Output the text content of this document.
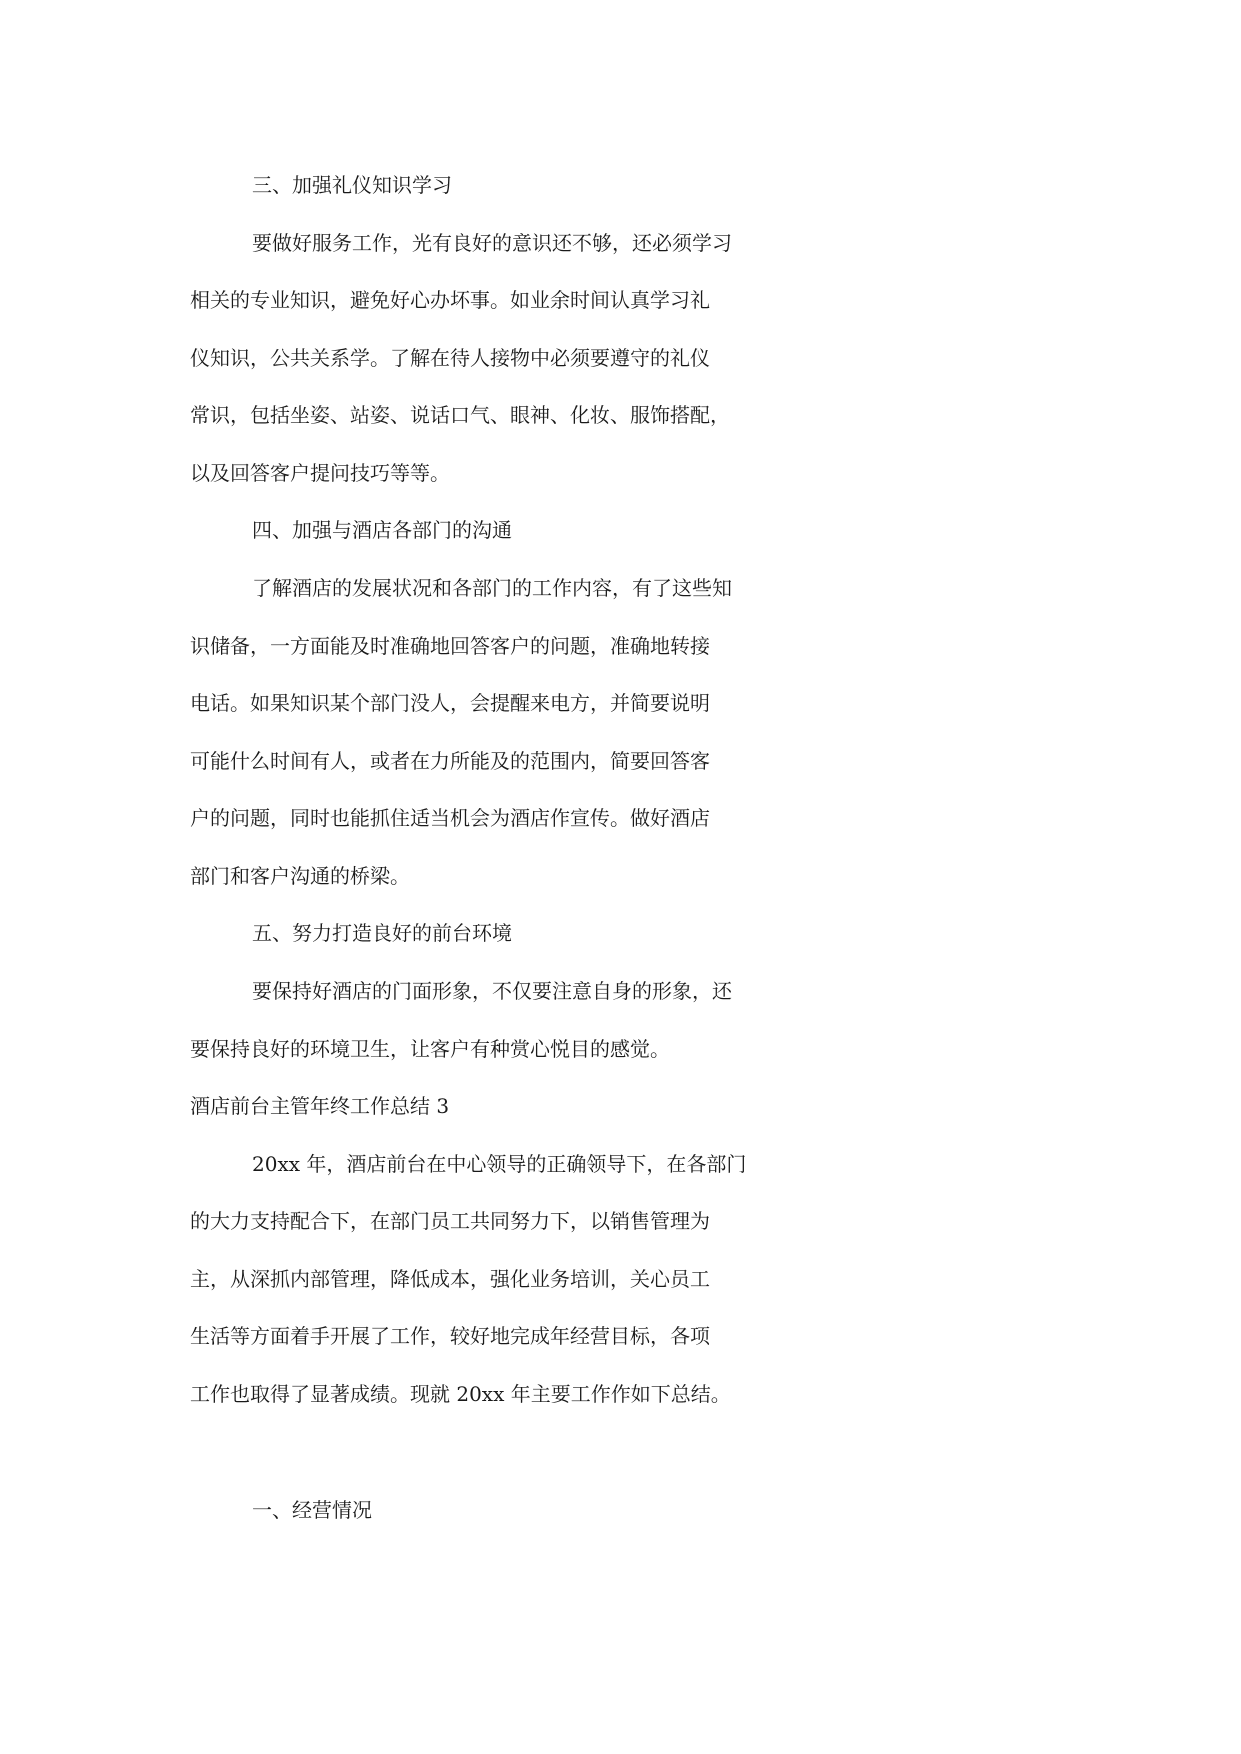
三、加强礼仪知识学习
要做好服务工作，光有良好的意识还不够，还必须学习
相关的专业知识，避免好心办坏事。如业余时间认真学习礼
仪知识，公共关系学。了解在待人接物中必须要遵守的礼仪
常识，包括坐姿、站姿、说话口气、眼神、化妆、服饰搭配，
以及回答客户提问技巧等等。
四、加强与酒店各部门的沟通
了解酒店的发展状况和各部门的工作内容，有了这些知
识储备，一方面能及时准确地回答客户的问题，准确地转接
电话。如果知识某个部门没人，会提醒来电方，并简要说明
可能什么时间有人，或者在力所能及的范围内，简要回答客
户的问题，同时也能抓住适当机会为酒店作宣传。做好酒店
部门和客户沟通的桥梁。
五、努力打造良好的前台环境
要保持好酒店的门面形象，不仅要注意自身的形象，还
要保持良好的环境卫生，让客户有种赏心悦目的感觉。
酒店前台主管年终工作总结 3
20xx 年，酒店前台在中心领导的正确领导下，在各部门
的大力支持配合下，在部门员工共同努力下，以销售管理为
主，从深抓内部管理，降低成本，强化业务培训，关心员工
生活等方面着手开展了工作，较好地完成年经营目标，各项
工作也取得了显著成绩。现就 20xx 年主要工作作如下总结。
一、经营情况
